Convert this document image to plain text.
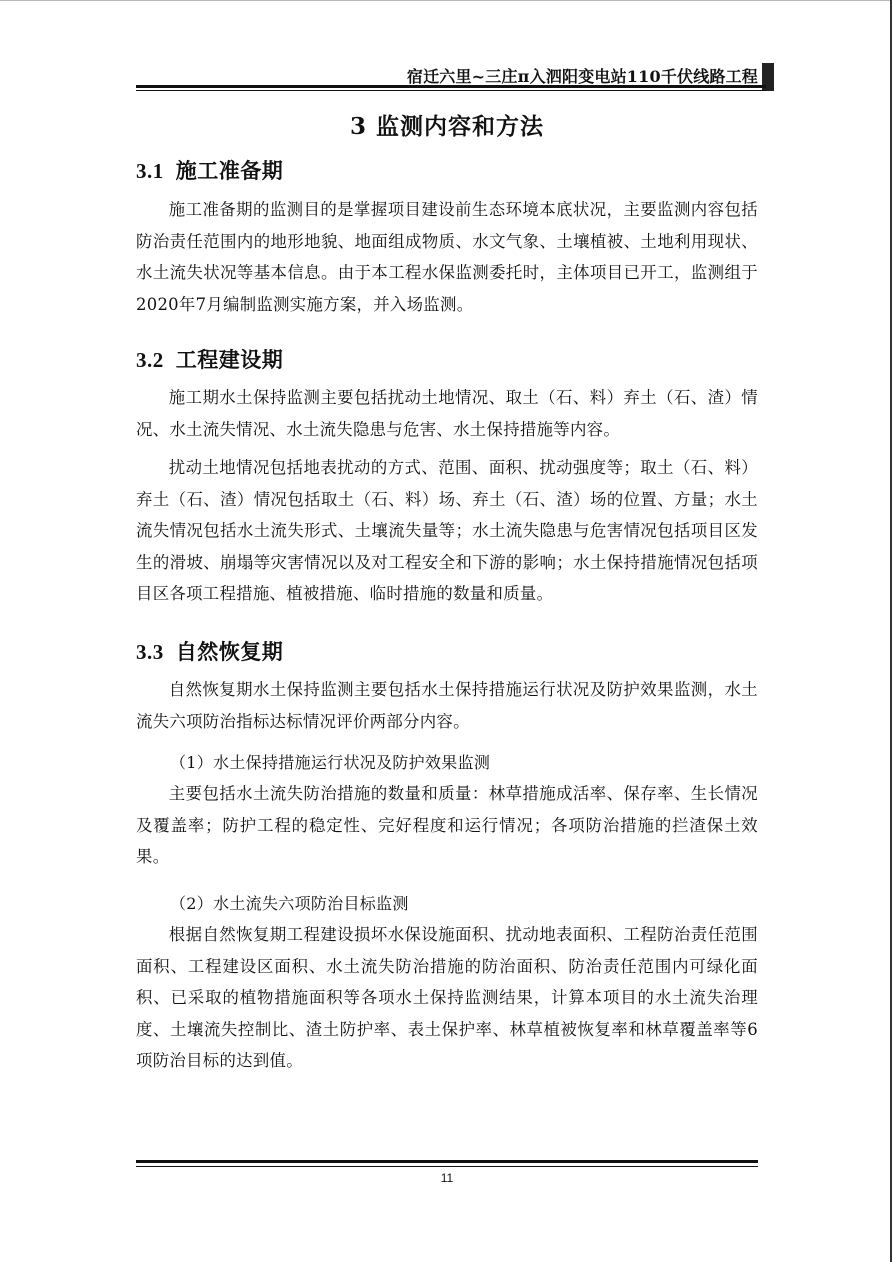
宿迁六里~三庄π入泗阳变电站110千伏线路工程
3 监测内容和方法
3.1 施工准备期

施工准备期的监测目的是掌握项目建设前生态环境本底状况，主要监测内容包括防治责任范围内的地形地貌、地面组成物质、水文气象、土壤植被、土地利用现状、水土流失状况等基本信息。由于本工程水保监测委托时，主体项目已开工，监测组于2020年7月编制监测实施方案，并入场监测。

3.2 工程建设期

施工期水土保持监测主要包括扰动土地情况、取土（石、料）弃土（石、渣）情况、水土流失情况、水土流失隐患与危害、水土保持措施等内容。

扰动土地情况包括地表扰动的方式、范围、面积、扰动强度等；取土（石、料）弃土（石、渣）情况包括取土（石、料）场、弃土（石、渣）场的位置、方量；水土流失情况包括水土流失形式、土壤流失量等；水土流失隐患与危害情况包括项目区发生的滑坡、崩塌等灾害情况以及对工程安全和下游的影响；水土保持措施情况包括项目区各项工程措施、植被措施、临时措施的数量和质量。

3.3 自然恢复期

自然恢复期水土保持监测主要包括水土保持措施运行状况及防护效果监测，水土流失六项防治指标达标情况评价两部分内容。

（1）水土保持措施运行状况及防护效果监测

主要包括水土流失防治措施的数量和质量：林草措施成活率、保存率、生长情况及覆盖率；防护工程的稳定性、完好程度和运行情况；各项防治措施的拦渣保土效果。

（2）水土流失六项防治目标监测

根据自然恢复期工程建设损坏水保设施面积、扰动地表面积、工程防治责任范围面积、工程建设区面积、水土流失防治措施的防治面积、防治责任范围内可绿化面积、已采取的植物措施面积等各项水土保持监测结果，计算本项目的水土流失治理度、土壤流失控制比、渣土防护率、表土保护率、林草植被恢复率和林草覆盖率等6项防治目标的达到值。

11
